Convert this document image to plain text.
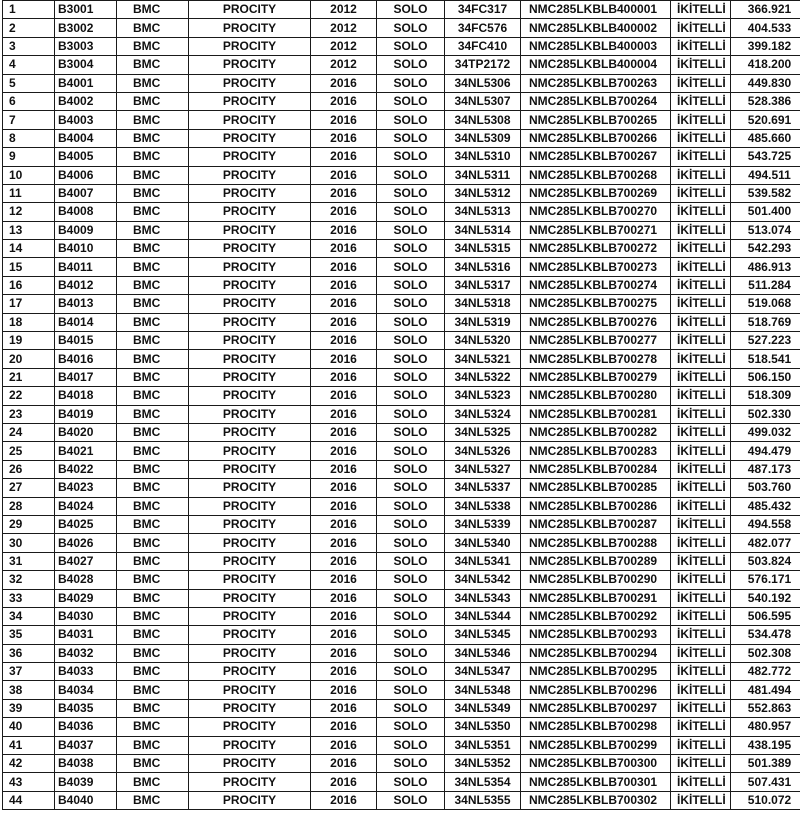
1	B3001	BMC	PROCITY	2012	SOLO	34FC317	NMC285LKBLB400001	İKİTELLİ	366.921
2	B3002	BMC	PROCITY	2012	SOLO	34FC576	NMC285LKBLB400002	İKİTELLİ	404.533
3	B3003	BMC	PROCITY	2012	SOLO	34FC410	NMC285LKBLB400003	İKİTELLİ	399.182
4	B3004	BMC	PROCITY	2012	SOLO	34TP2172	NMC285LKBLB400004	İKİTELLİ	418.200
5	B4001	BMC	PROCITY	2016	SOLO	34NL5306	NMC285LKBLB700263	İKİTELLİ	449.830
6	B4002	BMC	PROCITY	2016	SOLO	34NL5307	NMC285LKBLB700264	İKİTELLİ	528.386
7	B4003	BMC	PROCITY	2016	SOLO	34NL5308	NMC285LKBLB700265	İKİTELLİ	520.691
8	B4004	BMC	PROCITY	2016	SOLO	34NL5309	NMC285LKBLB700266	İKİTELLİ	485.660
9	B4005	BMC	PROCITY	2016	SOLO	34NL5310	NMC285LKBLB700267	İKİTELLİ	543.725
10	B4006	BMC	PROCITY	2016	SOLO	34NL5311	NMC285LKBLB700268	İKİTELLİ	494.511
11	B4007	BMC	PROCITY	2016	SOLO	34NL5312	NMC285LKBLB700269	İKİTELLİ	539.582
12	B4008	BMC	PROCITY	2016	SOLO	34NL5313	NMC285LKBLB700270	İKİTELLİ	501.400
13	B4009	BMC	PROCITY	2016	SOLO	34NL5314	NMC285LKBLB700271	İKİTELLİ	513.074
14	B4010	BMC	PROCITY	2016	SOLO	34NL5315	NMC285LKBLB700272	İKİTELLİ	542.293
15	B4011	BMC	PROCITY	2016	SOLO	34NL5316	NMC285LKBLB700273	İKİTELLİ	486.913
16	B4012	BMC	PROCITY	2016	SOLO	34NL5317	NMC285LKBLB700274	İKİTELLİ	511.284
17	B4013	BMC	PROCITY	2016	SOLO	34NL5318	NMC285LKBLB700275	İKİTELLİ	519.068
18	B4014	BMC	PROCITY	2016	SOLO	34NL5319	NMC285LKBLB700276	İKİTELLİ	518.769
19	B4015	BMC	PROCITY	2016	SOLO	34NL5320	NMC285LKBLB700277	İKİTELLİ	527.223
20	B4016	BMC	PROCITY	2016	SOLO	34NL5321	NMC285LKBLB700278	İKİTELLİ	518.541
21	B4017	BMC	PROCITY	2016	SOLO	34NL5322	NMC285LKBLB700279	İKİTELLİ	506.150
22	B4018	BMC	PROCITY	2016	SOLO	34NL5323	NMC285LKBLB700280	İKİTELLİ	518.309
23	B4019	BMC	PROCITY	2016	SOLO	34NL5324	NMC285LKBLB700281	İKİTELLİ	502.330
24	B4020	BMC	PROCITY	2016	SOLO	34NL5325	NMC285LKBLB700282	İKİTELLİ	499.032
25	B4021	BMC	PROCITY	2016	SOLO	34NL5326	NMC285LKBLB700283	İKİTELLİ	494.479
26	B4022	BMC	PROCITY	2016	SOLO	34NL5327	NMC285LKBLB700284	İKİTELLİ	487.173
27	B4023	BMC	PROCITY	2016	SOLO	34NL5337	NMC285LKBLB700285	İKİTELLİ	503.760
28	B4024	BMC	PROCITY	2016	SOLO	34NL5338	NMC285LKBLB700286	İKİTELLİ	485.432
29	B4025	BMC	PROCITY	2016	SOLO	34NL5339	NMC285LKBLB700287	İKİTELLİ	494.558
30	B4026	BMC	PROCITY	2016	SOLO	34NL5340	NMC285LKBLB700288	İKİTELLİ	482.077
31	B4027	BMC	PROCITY	2016	SOLO	34NL5341	NMC285LKBLB700289	İKİTELLİ	503.824
32	B4028	BMC	PROCITY	2016	SOLO	34NL5342	NMC285LKBLB700290	İKİTELLİ	576.171
33	B4029	BMC	PROCITY	2016	SOLO	34NL5343	NMC285LKBLB700291	İKİTELLİ	540.192
34	B4030	BMC	PROCITY	2016	SOLO	34NL5344	NMC285LKBLB700292	İKİTELLİ	506.595
35	B4031	BMC	PROCITY	2016	SOLO	34NL5345	NMC285LKBLB700293	İKİTELLİ	534.478
36	B4032	BMC	PROCITY	2016	SOLO	34NL5346	NMC285LKBLB700294	İKİTELLİ	502.308
37	B4033	BMC	PROCITY	2016	SOLO	34NL5347	NMC285LKBLB700295	İKİTELLİ	482.772
38	B4034	BMC	PROCITY	2016	SOLO	34NL5348	NMC285LKBLB700296	İKİTELLİ	481.494
39	B4035	BMC	PROCITY	2016	SOLO	34NL5349	NMC285LKBLB700297	İKİTELLİ	552.863
40	B4036	BMC	PROCITY	2016	SOLO	34NL5350	NMC285LKBLB700298	İKİTELLİ	480.957
41	B4037	BMC	PROCITY	2016	SOLO	34NL5351	NMC285LKBLB700299	İKİTELLİ	438.195
42	B4038	BMC	PROCITY	2016	SOLO	34NL5352	NMC285LKBLB700300	İKİTELLİ	501.389
43	B4039	BMC	PROCITY	2016	SOLO	34NL5354	NMC285LKBLB700301	İKİTELLİ	507.431
44	B4040	BMC	PROCITY	2016	SOLO	34NL5355	NMC285LKBLB700302	İKİTELLİ	510.072
